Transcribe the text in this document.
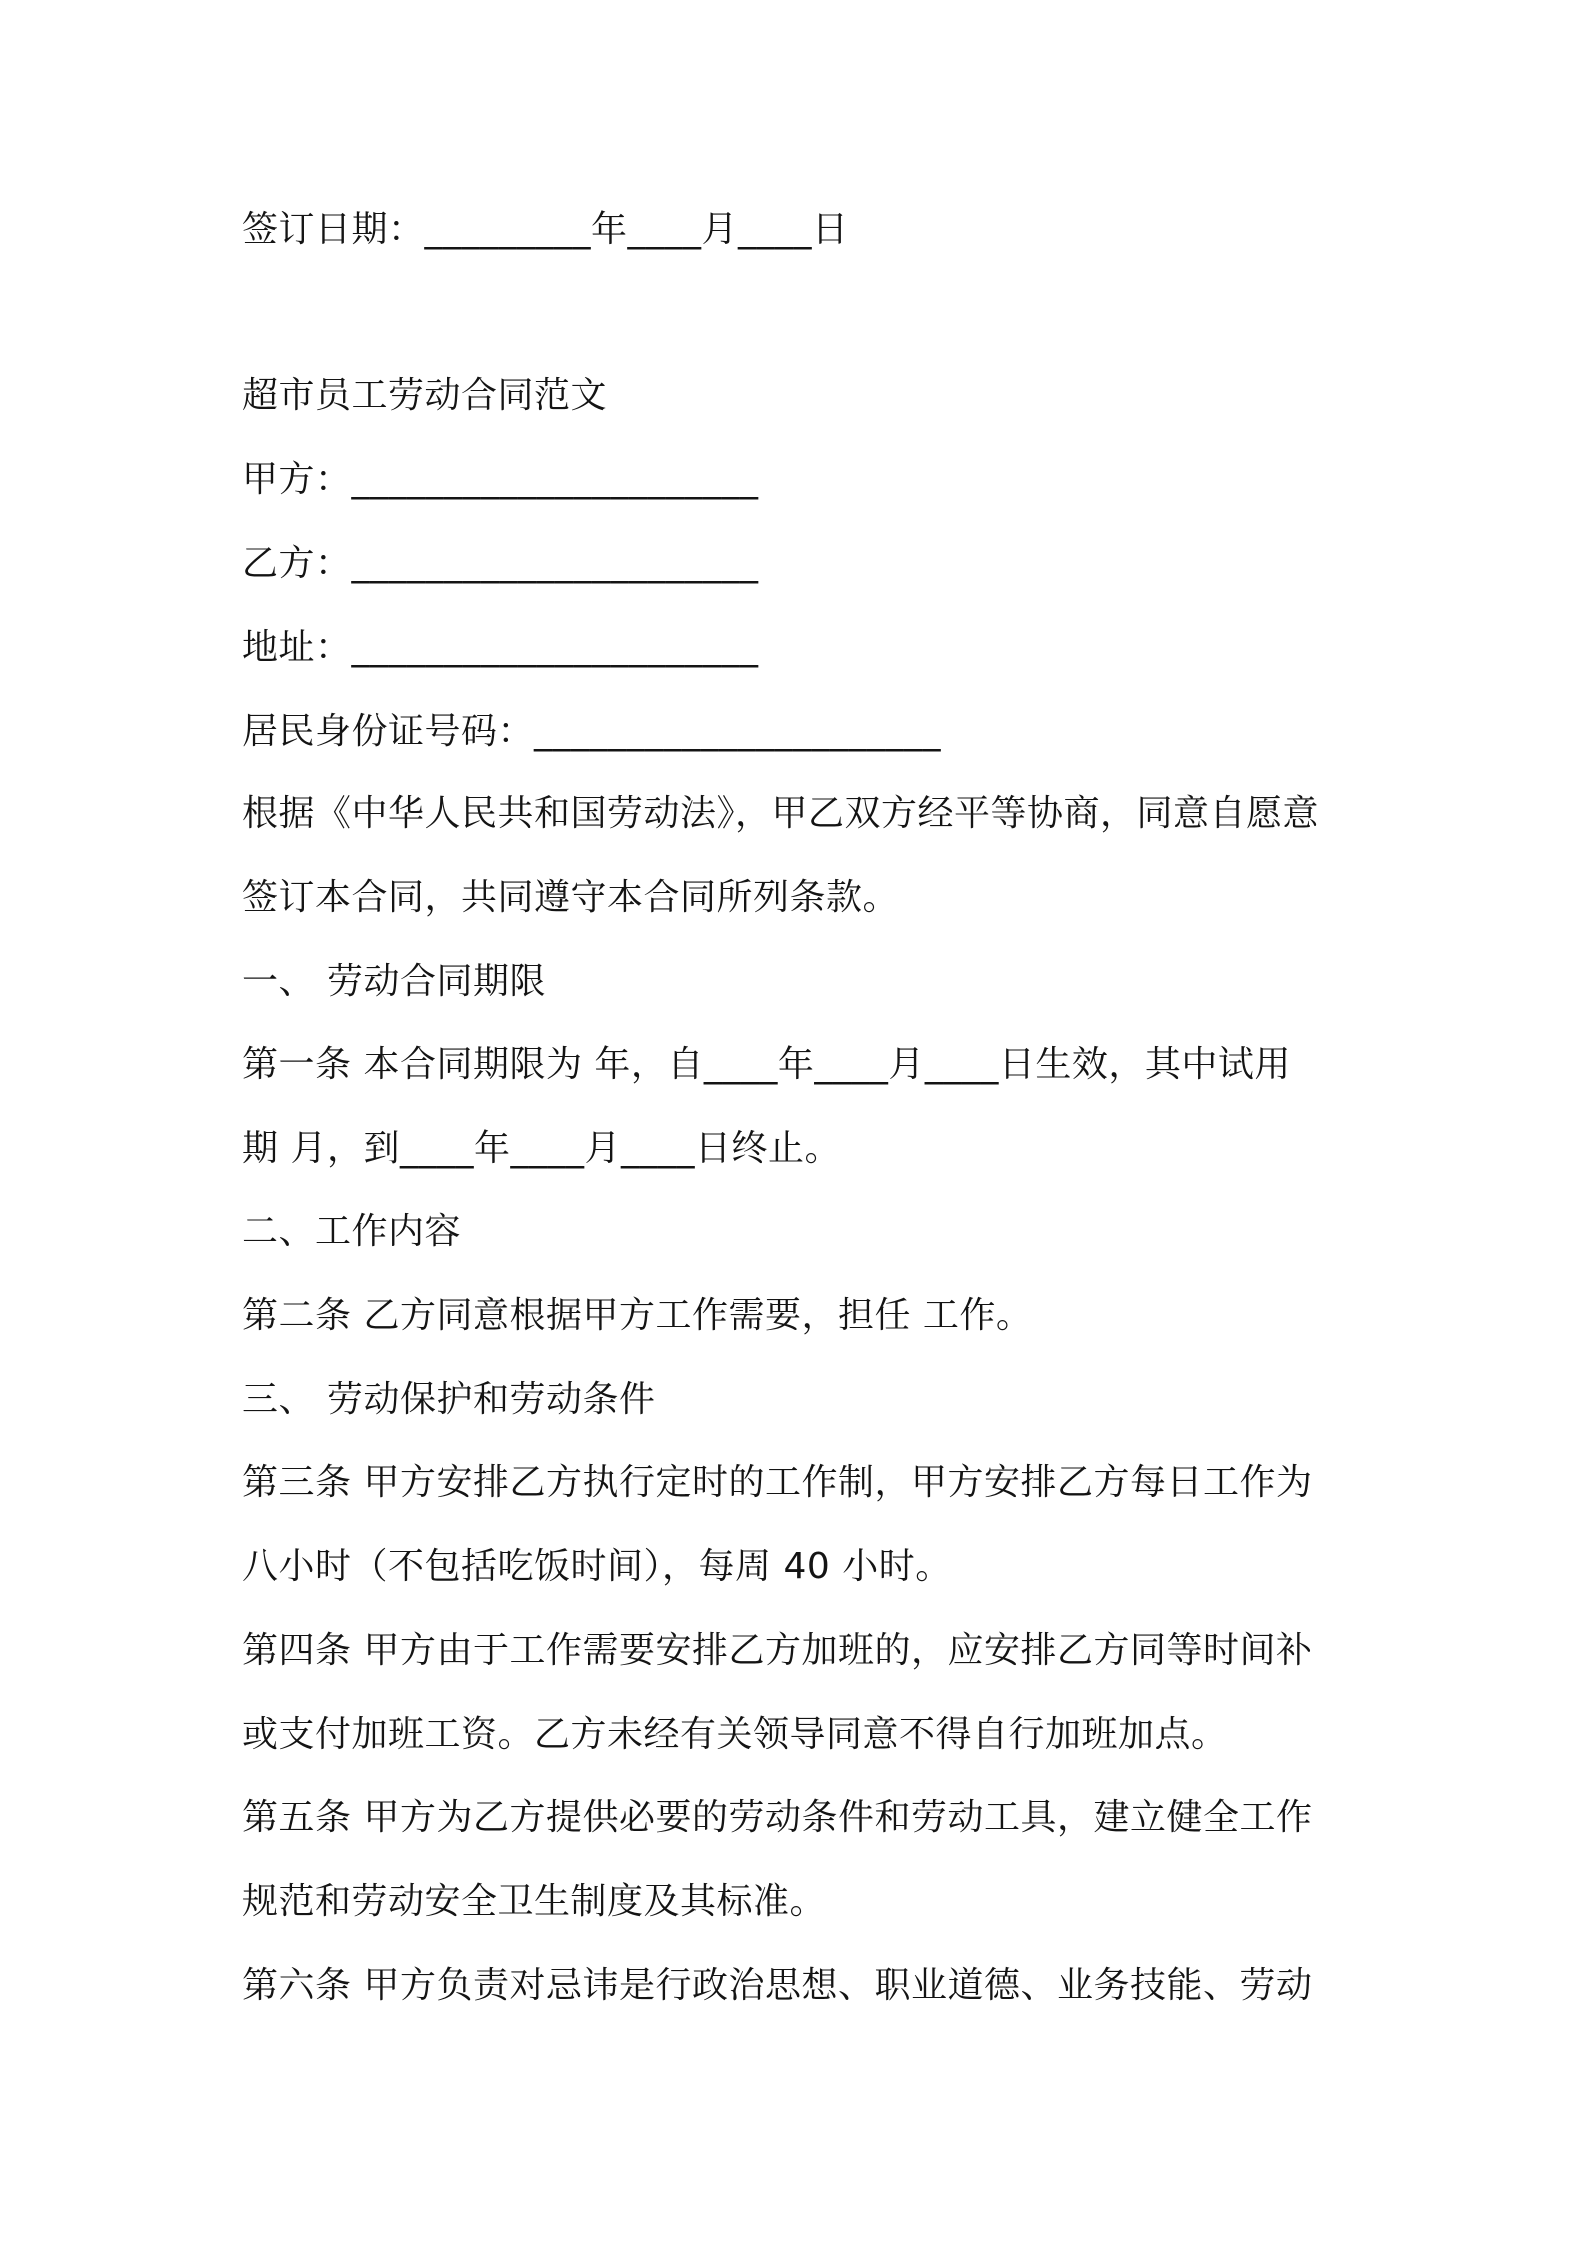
签订日期：_________年____月____日
超市员工劳动合同范文
甲方：______________________
乙方：______________________
地址：______________________
居民身份证号码：______________________
根据《中华人民共和国劳动法》，甲乙双方经平等协商，同意自愿意
签订本合同，共同遵守本合同所列条款。
一、 劳动合同期限
第一条 本合同期限为 年，自____年____月____日生效，其中试用
期 月，到____年____月____日终止。
二、工作内容
第二条 乙方同意根据甲方工作需要，担任 工作。
三、 劳动保护和劳动条件
第三条 甲方安排乙方执行定时的工作制，甲方安排乙方每日工作为
八小时（不包括吃饭时间），每周 40 小时。
第四条 甲方由于工作需要安排乙方加班的，应安排乙方同等时间补
或支付加班工资。乙方未经有关领导同意不得自行加班加点。
第五条 甲方为乙方提供必要的劳动条件和劳动工具，建立健全工作
规范和劳动安全卫生制度及其标准。
第六条 甲方负责对忌讳是行政治思想、职业道德、业务技能、劳动
